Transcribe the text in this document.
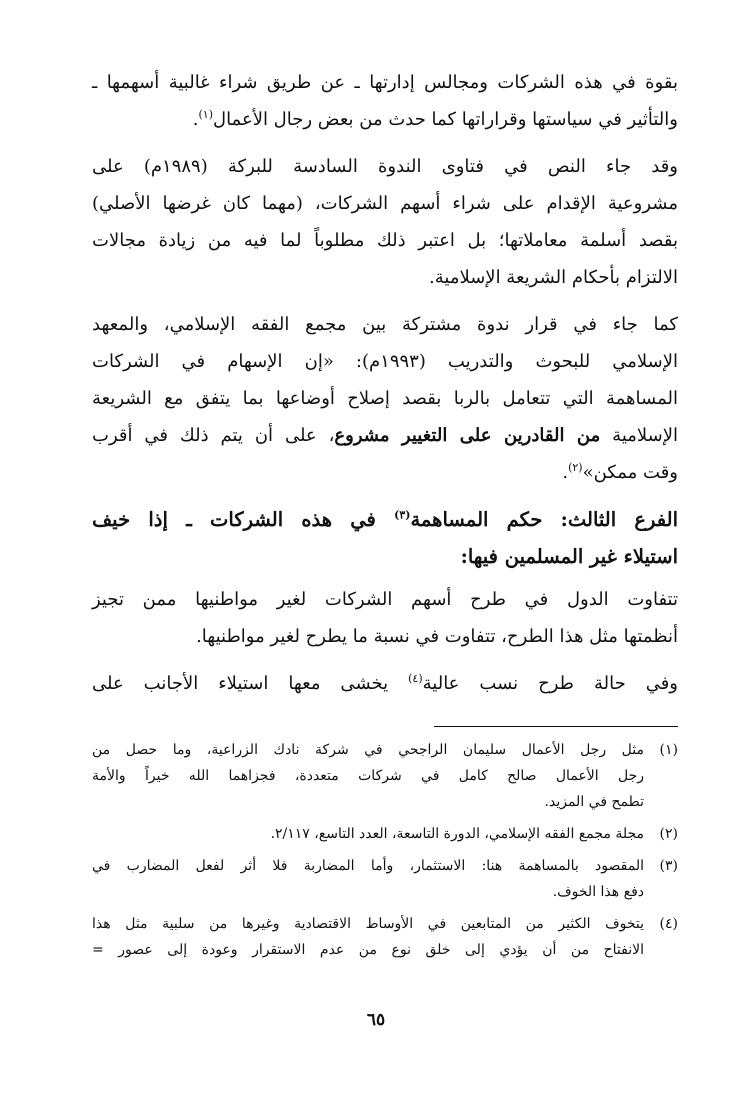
بقوة في هذه الشركات ومجالس إدارتها ـ عن طريق شراء غالبية أسهمها ـ
والتأثير في سياستها وقراراتها كما حدث من بعض رجال الأعمال$^{(١)}$.

وقد جاء النص في فتاوى الندوة السادسة للبركة (١٩٨٩م) على
مشروعية الإقدام على شراء أسهم الشركات، (مهما كان غرضها الأصلي)
بقصد أسلمة معاملاتها؛ بل اعتبر ذلك مطلوباً لما فيه من زيادة مجالات
الالتزام بأحكام الشريعة الإسلامية.

كما جاء في قرار ندوة مشتركة بين مجمع الفقه الإسلامي، والمعهد
الإسلامي للبحوث والتدريب (١٩٩٣م): «إن الإسهام في الشركات
المساهمة التي تتعامل بالربا بقصد إصلاح أوضاعها بما يتفق مع الشريعة
الإسلامية من القادرين على التغيير مشروع، على أن يتم ذلك في أقرب
وقت ممكن»$^{(٢)}$.

الفرع الثالث: حكم المساهمة$^{(٣)}$ في هذه الشركات ـ إذا خيف
استيلاء غير المسلمين فيها:

تتفاوت الدول في طرح أسهم الشركات لغير مواطنيها ممن تجيز
أنظمتها مثل هذا الطرح، تتفاوت في نسبة ما يطرح لغير مواطنيها.

وفي حالة طرح نسب عالية$^{(٤)}$ يخشى معها استيلاء الأجانب على

(١)
مثل رجل الأعمال سليمان الراجحي في شركة نادك الزراعية، وما حصل من
رجل الأعمال صالح كامل في شركات متعددة، فجزاهما الله خيراً والأمة
تطمح في المزيد.
(٢)
مجلة مجمع الفقه الإسلامي، الدورة التاسعة، العدد التاسع، ٢/١١٧.
(٣)
المقصود بالمساهمة هنا: الاستثمار، وأما المضاربة فلا أثر لفعل المضارب في
دفع هذا الخوف.
(٤)
يتخوف الكثير من المتابعين في الأوساط الاقتصادية وغيرها من سلبية مثل هذا
الانفتاح من أن يؤدي إلى خلق نوع من عدم الاستقرار وعودة إلى عصور =
٦٥
